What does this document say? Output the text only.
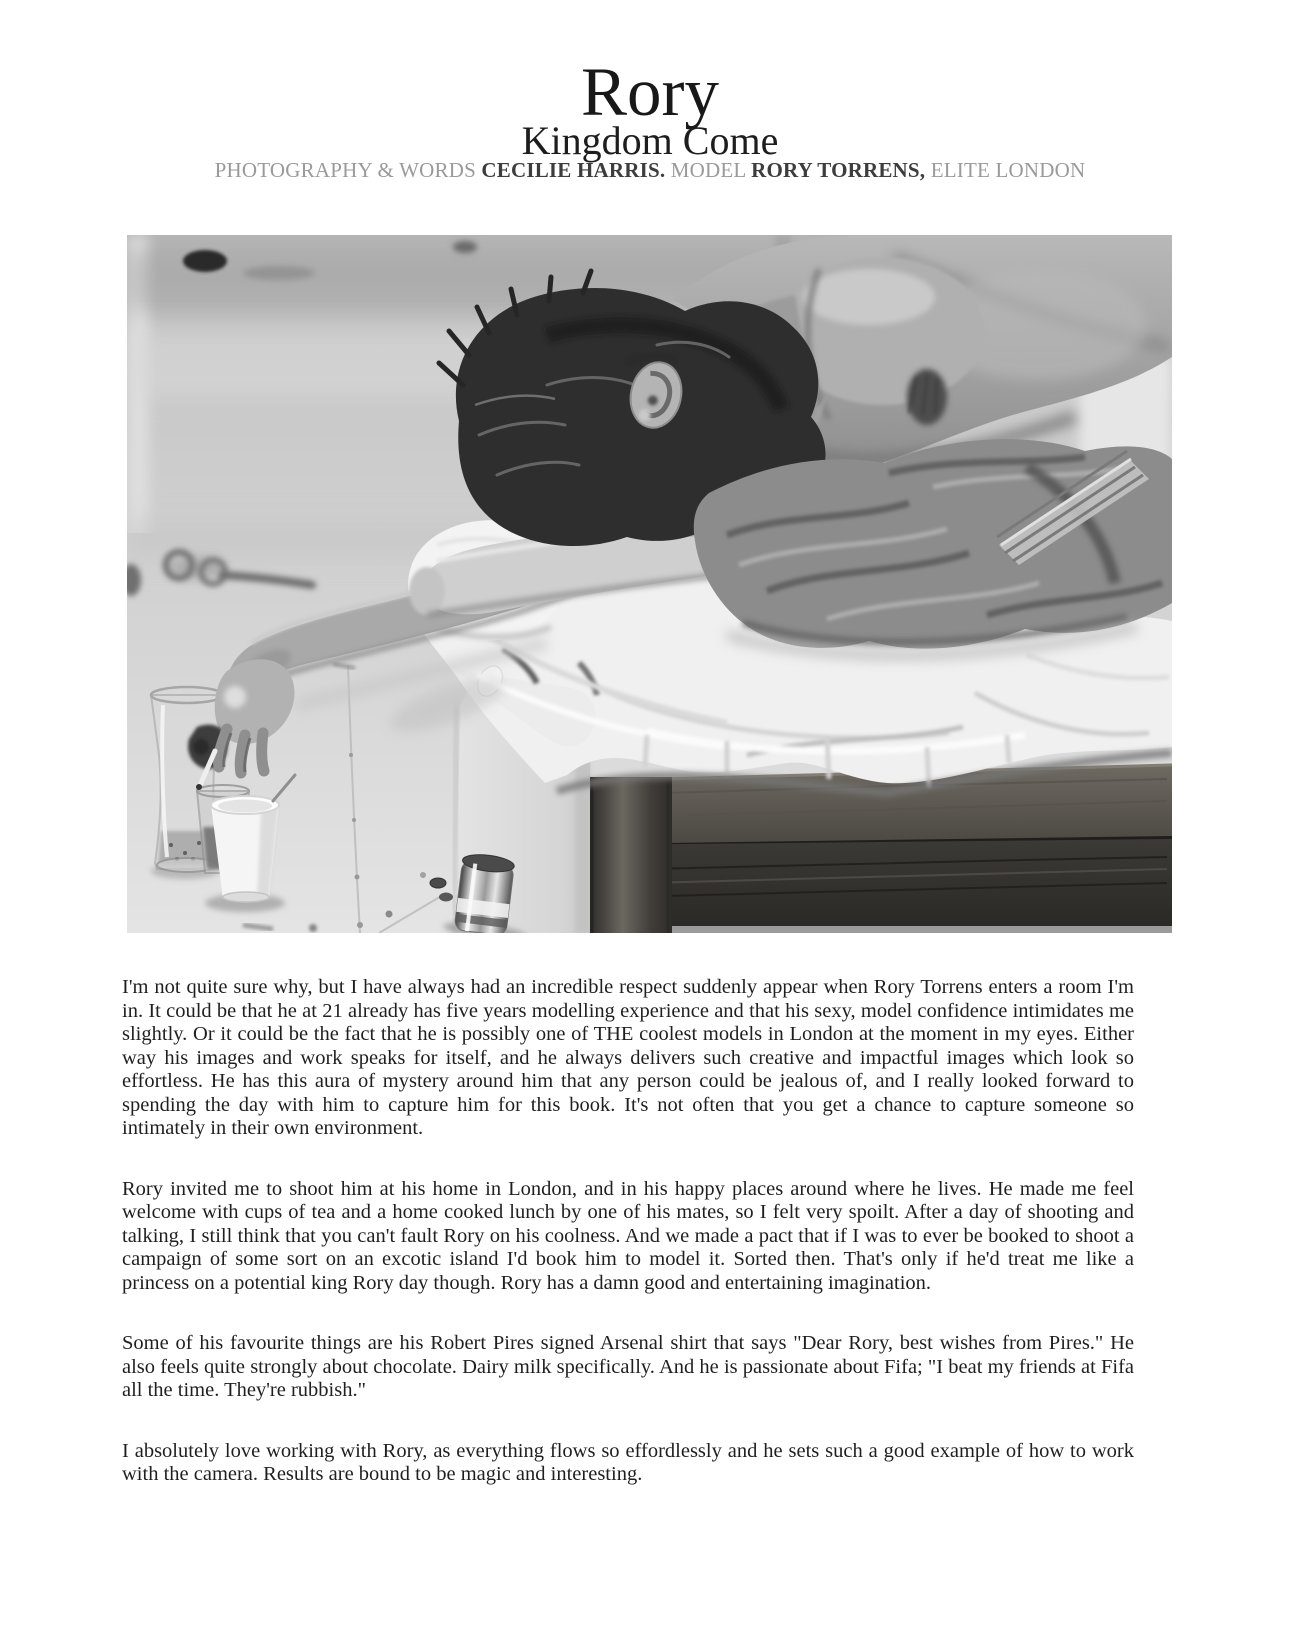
Rory
Kingdom Come

PHOTOGRAPHY & WORDS CECILIE HARRIS. MODEL RORY TORRENS, ELITE LONDON

I'm not quite sure why, but I have always had an incredible respect suddenly appear when Rory Torrens enters a room I'm in. It could be that he at 21 already has five years modelling experience and that his sexy, model confidence intimidates me slightly. Or it could be the fact that he is possibly one of THE coolest models in London at the moment in my eyes. Either way his images and work speaks for itself, and he always delivers such creative and impactful images which look so effortless. He has this aura of mystery around him that any person could be jealous of, and I really looked forward to spending the day with him to capture him for this book. It's not often that you get a chance to capture someone so intimately in their own environment.

Rory invited me to shoot him at his home in London, and in his happy places around where he lives. He made me feel welcome with cups of tea and a home cooked lunch by one of his mates, so I felt very spoilt. After a day of shooting and talking, I still think that you can't fault Rory on his coolness. And we made a pact that if I was to ever be booked to shoot a campaign of some sort on an excotic island I'd book him to model it. Sorted then. That's only if he'd treat me like a princess on a potential king Rory day though. Rory has a damn good and entertaining imagination.

Some of his favourite things are his Robert Pires signed Arsenal shirt that says "Dear Rory, best wishes from Pires." He also feels quite strongly about chocolate. Dairy milk specifically. And he is passionate about Fifa; "I beat my friends at Fifa all the time. They're rubbish."

I absolutely love working with Rory, as everything flows so effordlessly and he sets such a good example of how to work with the camera. Results are bound to be magic and interesting.
